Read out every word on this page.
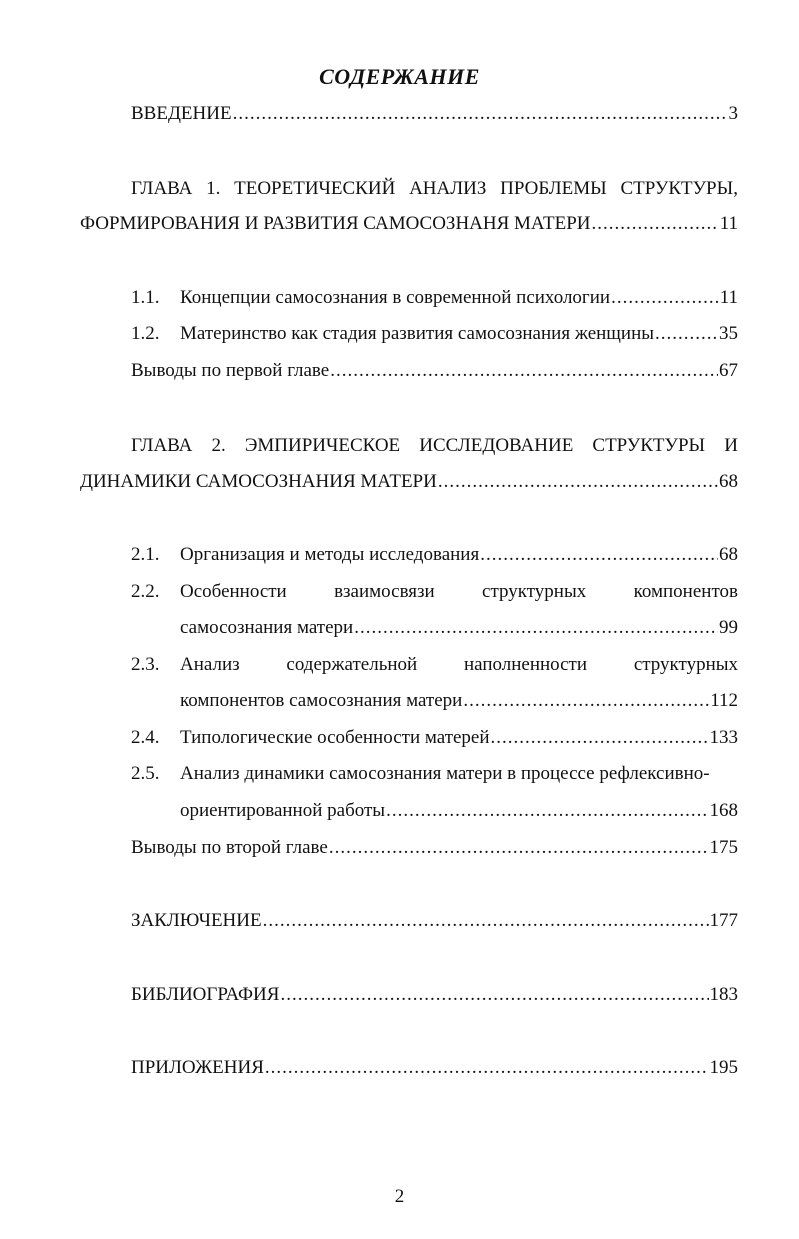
СОДЕРЖАНИЕ
ВВЕДЕНИЕ .....	3
ГЛАВА 1. ТЕОРЕТИЧЕСКИЙ АНАЛИЗ ПРОБЛЕМЫ СТРУКТУРЫ,
ФОРМИРОВАНИЯ И РАЗВИТИЯ САМОСОЗНАНЯ МАТЕРИ .....	11
1.1. Концепции самосознания в современной психологии .....	11
1.2. Материнство как стадия развития самосознания женщины .....	35
Выводы по первой главе .....	67
ГЛАВА 2. ЭМПИРИЧЕСКОЕ ИССЛЕДОВАНИЕ СТРУКТУРЫ И
ДИНАМИКИ САМОСОЗНАНИЯ МАТЕРИ .....	68
2.1. Организация и методы исследования .....	68
2.2. Особенности взаимосвязи структурных компонентов
самосознания матери .....	99
2.3. Анализ содержательной наполненности структурных
компонентов самосознания матери .....	112
2.4. Типологические особенности матерей .....	133
2.5. Анализ динамики самосознания матери в процессе рефлексивно-
ориентированной работы .....	168
Выводы по второй главе .....	175
ЗАКЛЮЧЕНИЕ .....	177
БИБЛИОГРАФИЯ .....	183
ПРИЛОЖЕНИЯ .....	195
2
